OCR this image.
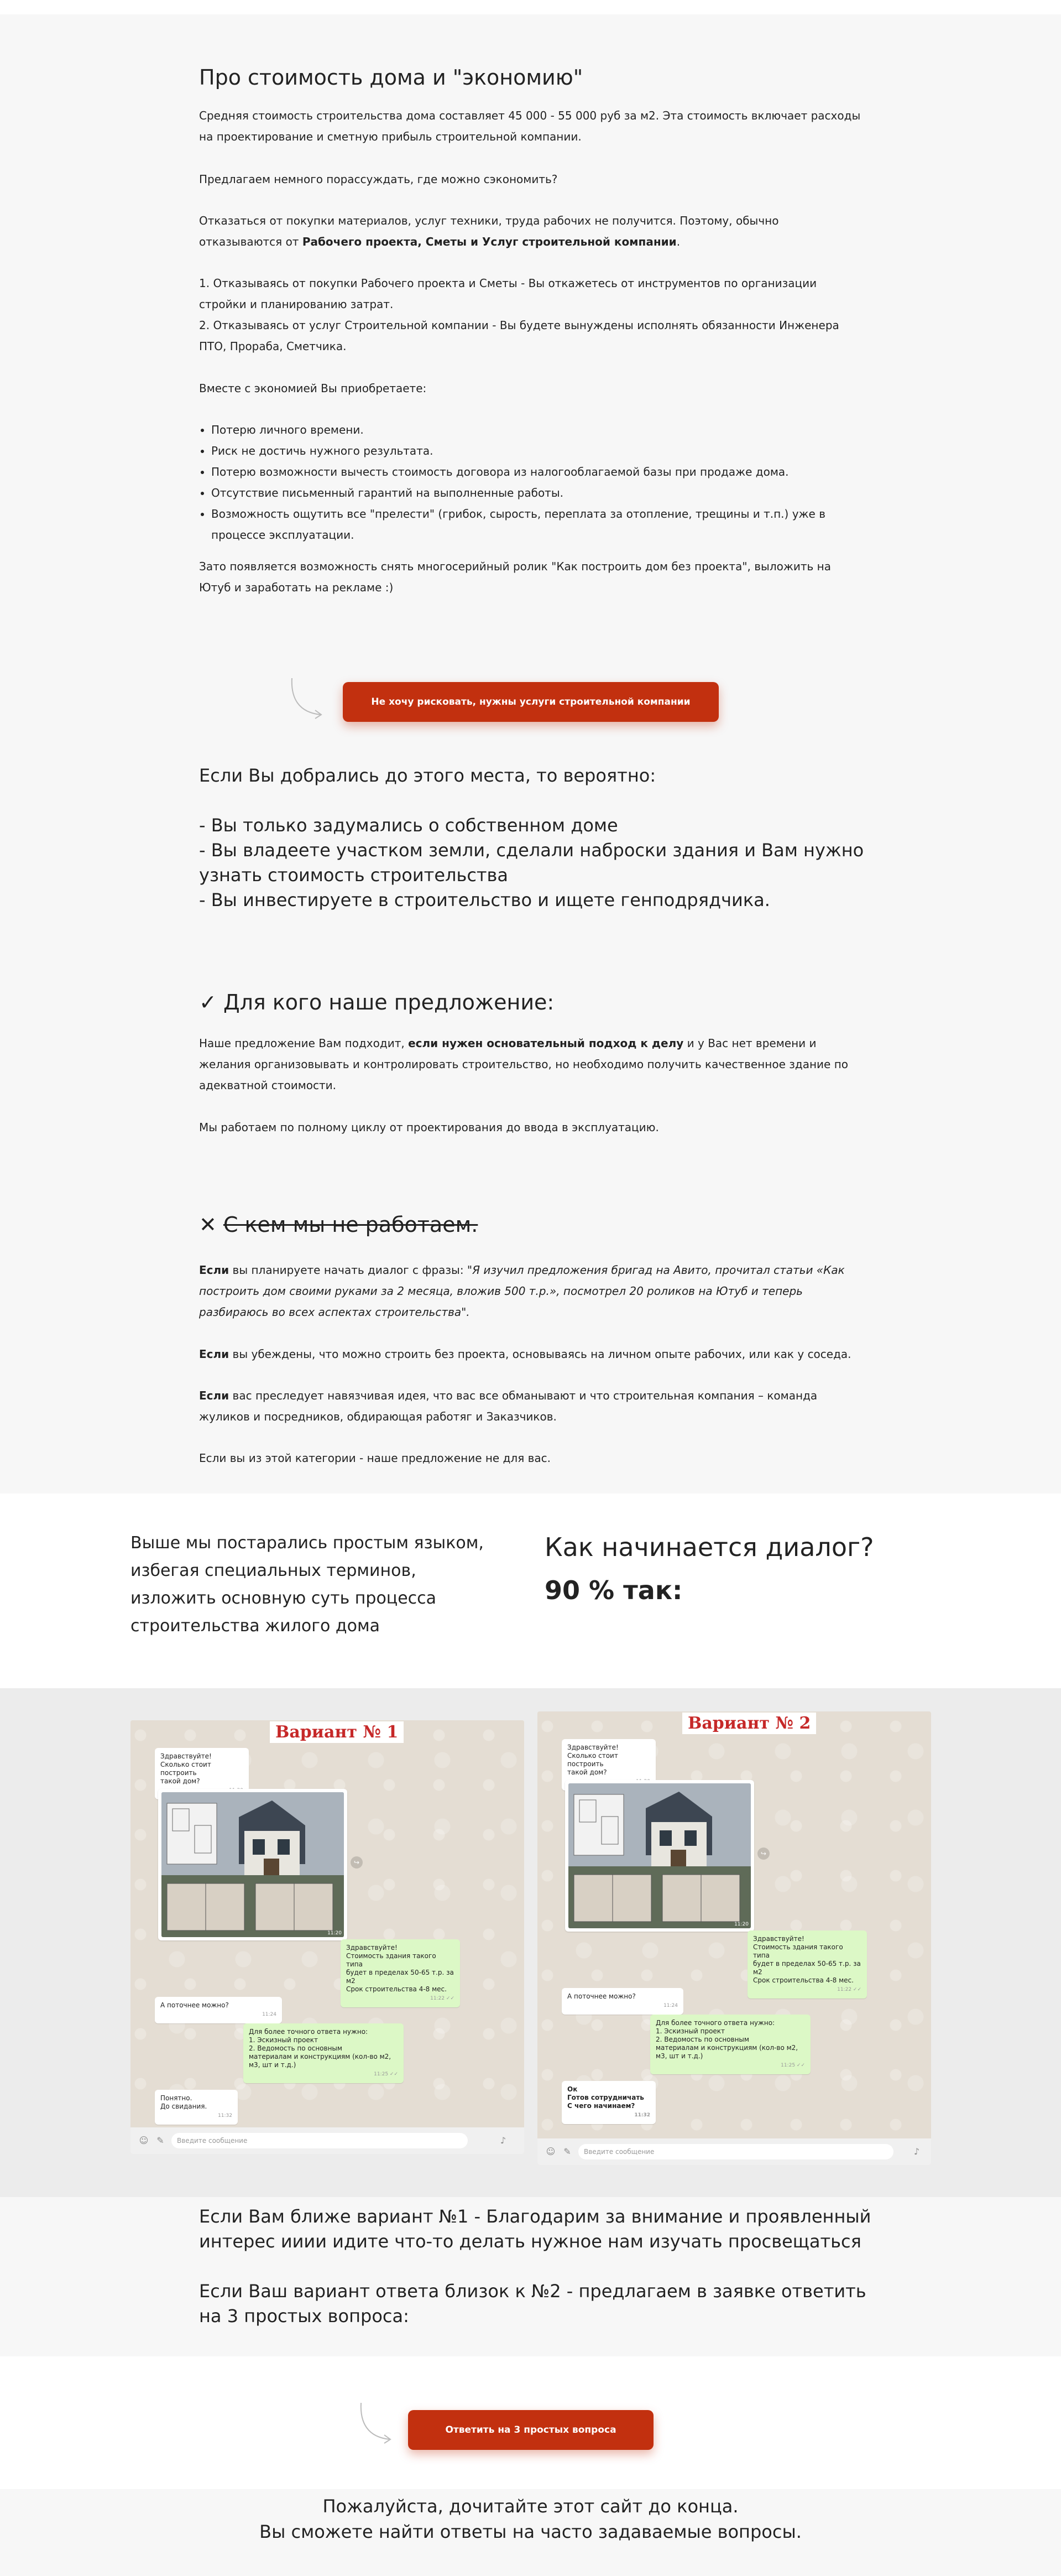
Про стоимость дома и "экономию"

Средняя стоимость строительства дома составляет 45 000 - 55 000 руб за м2. Эта стоимость включает расходы на проектирование и сметную прибыль строительной компании.

Предлагаем немного порассуждать, где можно сэкономить?

Отказаться от покупки материалов, услуг техники, труда рабочих не получится. Поэтому, обычно отказываются от Рабочего проекта, Сметы и Услуг строительной компании.

1. Отказываясь от покупки Рабочего проекта и Сметы - Вы откажетесь от инструментов по организации стройки и планированию затрат.

2. Отказываясь от услуг Строительной компании - Вы будете вынуждены исполнять обязанности Инженера ПТО, Прораба, Сметчика.

Вместе с экономией Вы приобретаете:

• Потерю личного времени.
• Риск не достичь нужного результата.
• Потерю возможности вычесть стоимость договора из налогооблагаемой базы при продаже дома.
• Отсутствие письменный гарантий на выполненные работы.
• Возможность ощутить все "прелести" (грибок, сырость, переплата за отопление, трещины и т.п.) уже в процессе эксплуатации.

Зато появляется возможность снять многосерийный ролик "Как построить дом без проекта", выложить на Ютуб и заработать на рекламе :)

Не хочу рисковать, нужны услуги строительной компании
Если Вы добрались до этого места, то вероятно:
- Вы только задумались о собственном доме
- Вы владеете участком земли, сделали наброски здания и Вам нужно узнать стоимость строительства
- Вы инвестируете в строительство и ищете генподрядчика.
✓ Для кого наше предложение:

Наше предложение Вам подходит, если нужен основательный подход к делу и у Вас нет времени и желания организовывать и контролировать строительство, но необходимо получить качественное здание по адекватной стоимости.

Мы работаем по полному циклу от проектирования до ввода в эксплуатацию.

✕ С кем мы не работаем.

Если вы планируете начать диалог с фразы: "Я изучил предложения бригад на Авито, прочитал статьи «Как построить дом своими руками за 2 месяца, вложив 500 т.р.», посмотрел 20 роликов на Ютуб и теперь разбираюсь во всех аспектах строительства".

Если вы убеждены, что можно строить без проекта, основываясь на личном опыте рабочих, или как у соседа.

Если вас преследует навязчивая идея, что вас все обманывают и что строительная компания – команда жуликов и посредников, обдирающая работяг и Заказчиков.

Если вы из этой категории - наше предложение не для вас.

Выше мы постарались простым языком, избегая специальных терминов, изложить основную суть процесса строительства жилого дома
Как начинается диалог?
90 % так:
Вариант № 1
Здравствуйте!
Сколько стоит построить
такой дом?
11:20
↪
Здравствуйте!
Стоимость здания такого типа
будет в пределах 50-65 т.р. за м2
Срок строительства 4-8 мес.
11:22 ✓✓
А поточнее можно?
11:24
Для более точного ответа нужно:
1. Эскизный проект
2. Ведомость по основным
материалам и конструкциям (кол-во м2, м3, шт и т.д.)
11:25 ✓✓
Понятно.
До свидания.
11:32
☺ ✎	Введите сообщение	♪
Вариант № 2
Здравствуйте!
Сколько стоит построить
такой дом?
11:20
↪
Здравствуйте!
Стоимость здания такого типа
будет в пределах 50-65 т.р. за м2
Срок строительства 4-8 мес.
11:22 ✓✓
А поточнее можно?
11:24
Для более точного ответа нужно:
1. Эскизный проект
2. Ведомость по основным
материалам и конструкциям (кол-во м2, м3, шт и т.д.)
11:25 ✓✓
Ок
Готов сотрудничать
С чего начинаем?
11:32
☺ ✎	Введите сообщение	♪
Если Вам ближе вариант №1 - Благодарим за внимание и проявленный интерес ииии идите что-то делать нужное нам изучать просвещаться
Если Ваш вариант ответа близок к №2 - предлагаем в заявке ответить на 3 простых вопроса:
Ответить на 3 простых вопроса
Пожалуйста, дочитайте этот сайт до конца.
Вы сможете найти ответы на часто задаваемые вопросы.
